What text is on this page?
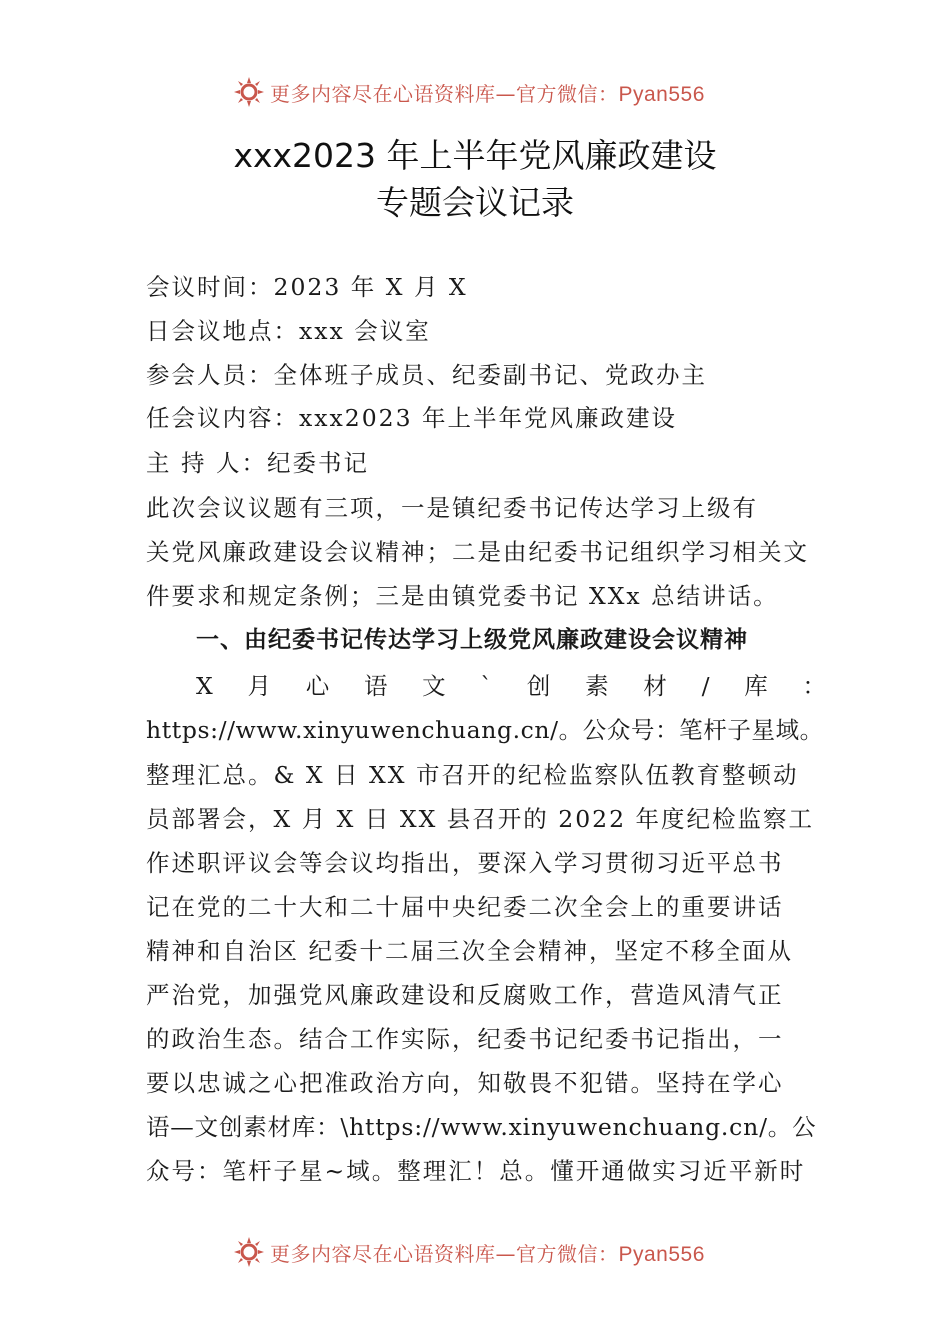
更多内容尽在心语资料库—官方微信：Pyan556
xxx2023 年上半年党风廉政建设
专题会议记录
会议时间：2023 年 X 月 X
日会议地点：xxx 会议室
参会人员：全体班子成员、纪委副书记、党政办主
任会议内容：xxx2023 年上半年党风廉政建设
主 持 人：纪委书记
此次会议议题有三项，一是镇纪委书记传达学习上级有
关党风廉政建设会议精神；二是由纪委书记组织学习相关文
件要求和规定条例；三是由镇党委书记 XXx 总结讲话。
一、由纪委书记传达学习上级党风廉政建设会议精神
X 月 心 语 文 ` 创 素 材 / 库 ：
https://www.xinyuwenchuang.cn/。公众号：笔杆子星域。
整理汇总。& X 日 XX 市召开的纪检监察队伍教育整顿动
员部署会，X 月 X 日 XX 县召开的 2022 年度纪检监察工
作述职评议会等会议均指出，要深入学习贯彻习近平总书
记在党的二十大和二十届中央纪委二次全会上的重要讲话
精神和自治区 纪委十二届三次全会精神，坚定不移全面从
严治党，加强党风廉政建设和反腐败工作，营造风清气正
的政治生态。结合工作实际，纪委书记纪委书记指出，一
要以忠诚之心把准政治方向，知敬畏不犯错。坚持在学心
语—文创素材库：\https://www.xinyuwenchuang.cn/。公
众号：笔杆子星~域。整理汇！总。懂开通做实习近平新时
更多内容尽在心语资料库—官方微信：Pyan556
